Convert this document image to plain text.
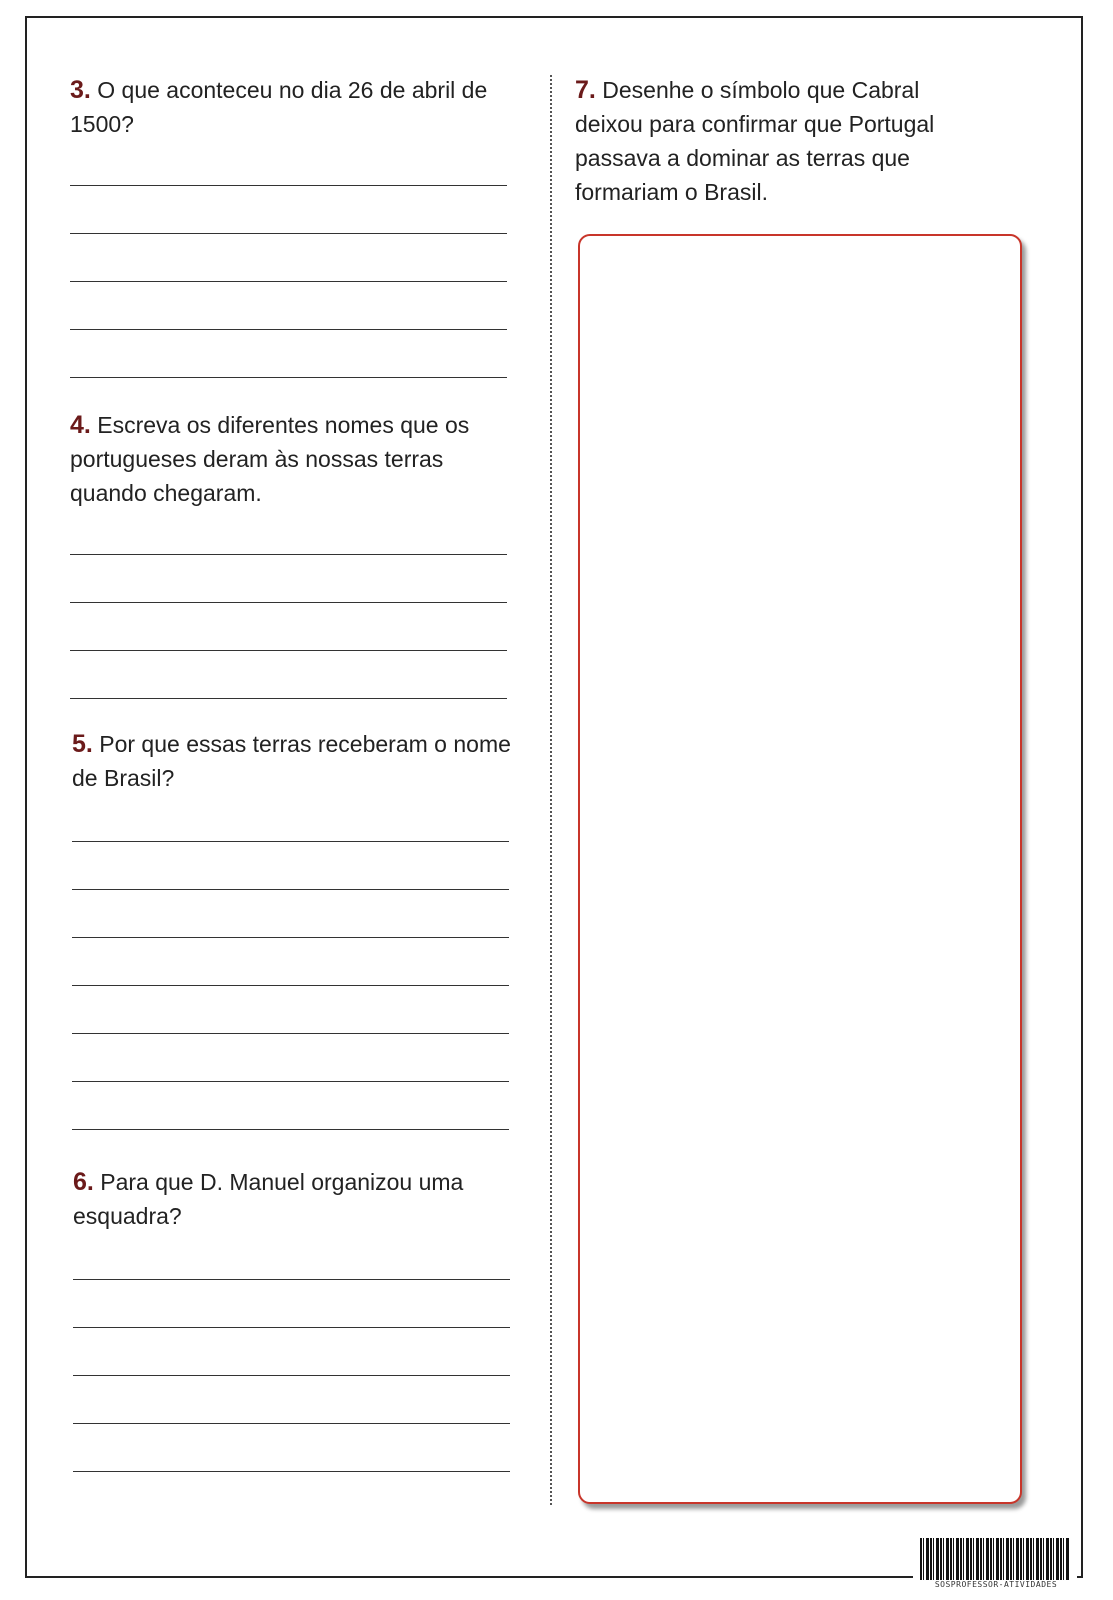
3. O que aconteceu no dia 26 de abril de 1500?
4. Escreva os diferentes nomes que os portugueses deram às nossas terras quando chegaram.
5. Por que essas terras receberam o nome de Brasil?
6. Para que D. Manuel organizou uma esquadra?
7. Desenhe o símbolo que Cabral deixou para confirmar que Portugal passava a dominar as terras que formariam o Brasil.
SOSPROFESSOR-ATIVIDADES
